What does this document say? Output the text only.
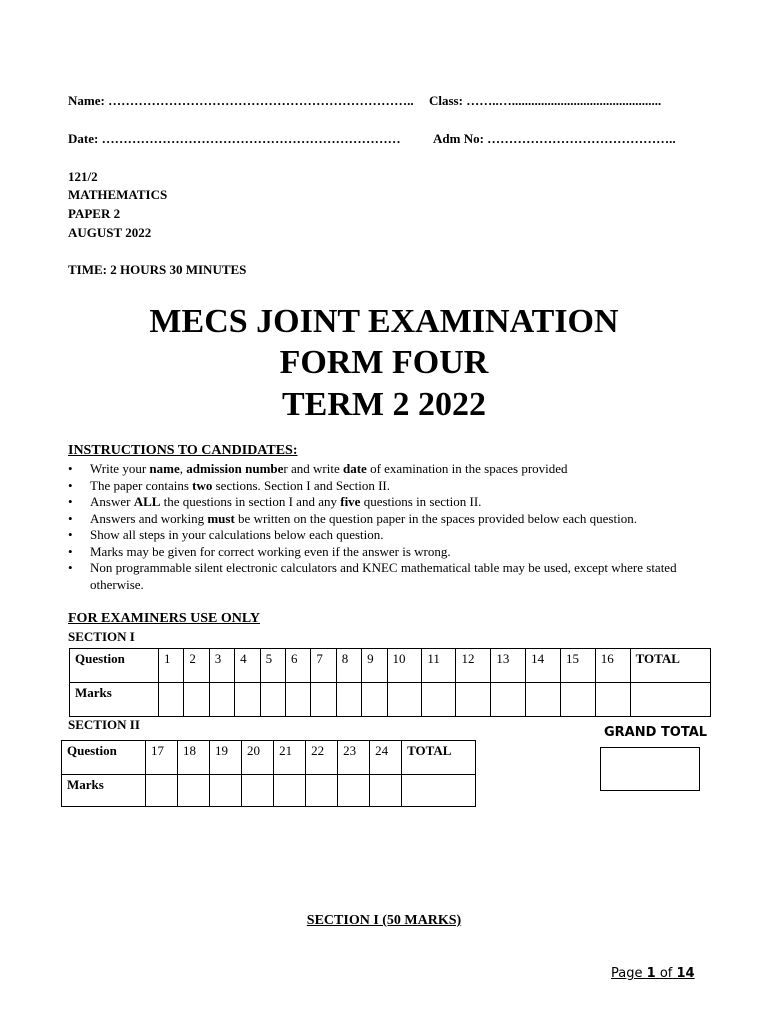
Name: …………………………………………………………….. Class: ……..…..............................................
Date: …………………………………………………………… Adm No: ……………………………………..
121/2
MATHEMATICS
PAPER 2
AUGUST 2022
TIME: 2 HOURS 30 MINUTES
MECS JOINT EXAMINATION
FORM FOUR
TERM 2 2022
INSTRUCTIONS TO CANDIDATES:
• Write your name, admission number and write date of examination in the spaces provided
• The paper contains two sections. Section I and Section II.
• Answer ALL the questions in section I and any five questions in section II.
• Answers and working must be written on the question paper in the spaces provided below each question.
• Show all steps in your calculations below each question.
• Marks may be given for correct working even if the answer is wrong.
• Non programmable silent electronic calculators and KNEC mathematical table may be used, except where stated otherwise.
FOR EXAMINERS USE ONLY
SECTION I
Question	1	2	3	4	5	6	7	8	9	10	11	12	13	14	15	16	TOTAL
Marks																	
SECTION II
Question	17	18	19	20	21	22	23	24	TOTAL
Marks									
GRAND TOTAL
SECTION I (50 MARKS)
Page 1 of 14
